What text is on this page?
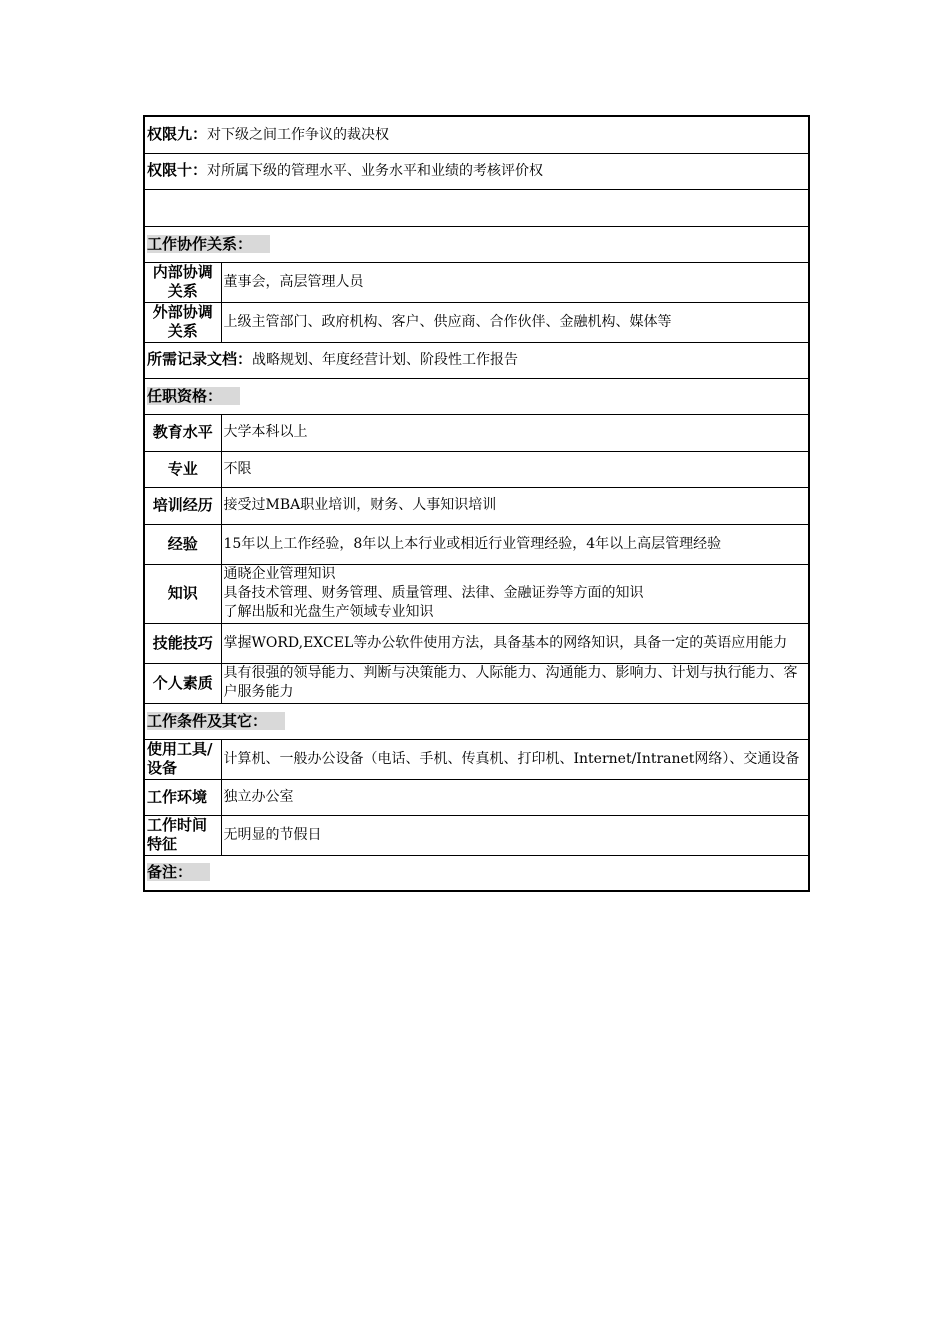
权限九：对下级之间工作争议的裁决权	
权限十：对所属下级的管理水平、业务水平和业绩的考核评价权	

工作协作关系：	
内部协调关系	董事会，高层管理人员
外部协调关系	上级主管部门、政府机构、客户、供应商、合作伙伴、金融机构、媒体等
所需记录文档：战略规划、年度经营计划、阶段性工作报告	
任职资格：	
教育水平	大学本科以上

专业	不限

培训经历	接受过MBA职业培训，财务、人事知识培训

经验	15年以上工作经验，8年以上本行业或相近行业管理经验，4年以上高层管理经验

知识	通晓企业管理知识
具备技术管理、财务管理、质量管理、法律、金融证券等方面的知识
了解出版和光盘生产领域专业知识

技能技巧	掌握WORD,EXCEL等办公软件使用方法，具备基本的网络知识，具备一定的英语应用能力

个人素质	具有很强的领导能力、判断与决策能力、人际能力、沟通能力、影响力、计划与执行能力、客户服务能力

工作条件及其它：	
使用工具/设备	计算机、一般办公设备（电话、手机、传真机、打印机、Internet/Intranet网络）、交通设备
工作环境	独立办公室
工作时间特征	无明显的节假日
备注：	
